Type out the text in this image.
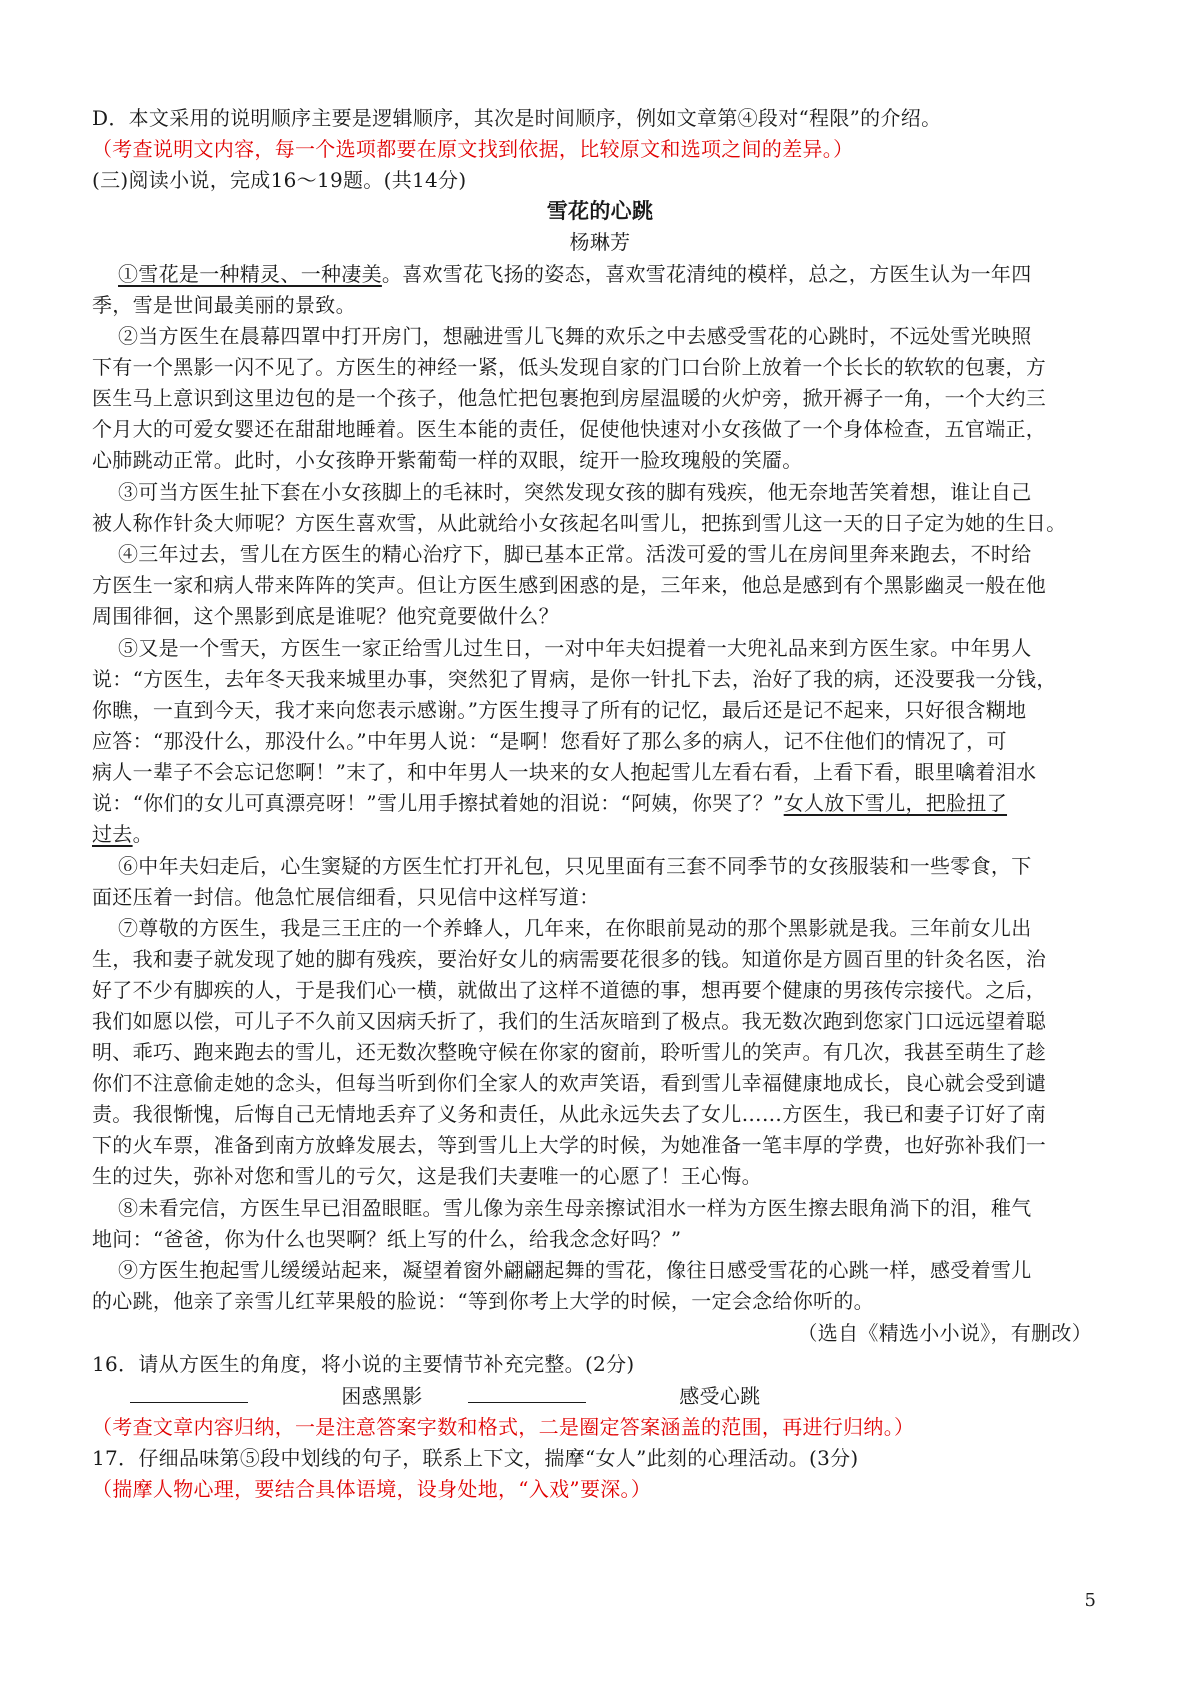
D．本文采用的说明顺序主要是逻辑顺序，其次是时间顺序，例如文章第④段对“程限”的介绍。
（考查说明文内容，每一个选项都要在原文找到依据，比较原文和选项之间的差异。）
(三)阅读小说，完成16～19题。(共14分)
雪花的心跳
杨琳芳
①雪花是一种精灵、一种凄美。喜欢雪花飞扬的姿态，喜欢雪花清纯的模样，总之，方医生认为一年四
季，雪是世间最美丽的景致。
②当方医生在晨幕四罩中打开房门，想融进雪儿飞舞的欢乐之中去感受雪花的心跳时，不远处雪光映照
下有一个黑影一闪不见了。方医生的神经一紧，低头发现自家的门口台阶上放着一个长长的软软的包裹，方
医生马上意识到这里边包的是一个孩子，他急忙把包裹抱到房屋温暖的火炉旁，掀开褥子一角，一个大约三
个月大的可爱女婴还在甜甜地睡着。医生本能的责任，促使他快速对小女孩做了一个身体检查，五官端正，
心肺跳动正常。此时，小女孩睁开紫葡萄一样的双眼，绽开一脸玫瑰般的笑靥。
③可当方医生扯下套在小女孩脚上的毛袜时，突然发现女孩的脚有残疾，他无奈地苦笑着想，谁让自己
被人称作针灸大师呢？方医生喜欢雪，从此就给小女孩起名叫雪儿，把拣到雪儿这一天的日子定为她的生日。
④三年过去，雪儿在方医生的精心治疗下，脚已基本正常。活泼可爱的雪儿在房间里奔来跑去，不时给
方医生一家和病人带来阵阵的笑声。但让方医生感到困惑的是，三年来，他总是感到有个黑影幽灵一般在他
周围徘徊，这个黑影到底是谁呢？他究竟要做什么？
⑤又是一个雪天，方医生一家正给雪儿过生日，一对中年夫妇提着一大兜礼品来到方医生家。中年男人
说：“方医生，去年冬天我来城里办事，突然犯了胃病，是你一针扎下去，治好了我的病，还没要我一分钱，
你瞧，一直到今天，我才来向您表示感谢。”方医生搜寻了所有的记忆，最后还是记不起来，只好很含糊地
应答：“那没什么，那没什么。”中年男人说：“是啊！您看好了那么多的病人，记不住他们的情况了，可
病人一辈子不会忘记您啊！”末了，和中年男人一块来的女人抱起雪儿左看右看，上看下看，眼里噙着泪水
说：“你们的女儿可真漂亮呀！”雪儿用手擦拭着她的泪说：“阿姨，你哭了？”女人放下雪儿，把脸扭了
过去。
⑥中年夫妇走后，心生窦疑的方医生忙打开礼包，只见里面有三套不同季节的女孩服装和一些零食，下
面还压着一封信。他急忙展信细看，只见信中这样写道：
⑦尊敬的方医生，我是三王庄的一个养蜂人，几年来，在你眼前晃动的那个黑影就是我。三年前女儿出
生，我和妻子就发现了她的脚有残疾，要治好女儿的病需要花很多的钱。知道你是方圆百里的针灸名医，治
好了不少有脚疾的人，于是我们心一横，就做出了这样不道德的事，想再要个健康的男孩传宗接代。之后，
我们如愿以偿，可儿子不久前又因病夭折了，我们的生活灰暗到了极点。我无数次跑到您家门口远远望着聪
明、乖巧、跑来跑去的雪儿，还无数次整晚守候在你家的窗前，聆听雪儿的笑声。有几次，我甚至萌生了趁
你们不注意偷走她的念头，但每当听到你们全家人的欢声笑语，看到雪儿幸福健康地成长，良心就会受到谴
责。我很惭愧，后悔自己无情地丢弃了义务和责任，从此永远失去了女儿……方医生，我已和妻子订好了南
下的火车票，准备到南方放蜂发展去，等到雪儿上大学的时候，为她准备一笔丰厚的学费，也好弥补我们一
生的过失，弥补对您和雪儿的亏欠，这是我们夫妻唯一的心愿了！王心悔。
⑧未看完信，方医生早已泪盈眼眶。雪儿像为亲生母亲擦试泪水一样为方医生擦去眼角淌下的泪，稚气
地问：“爸爸，你为什么也哭啊？纸上写的什么，给我念念好吗？”
⑨方医生抱起雪儿缓缓站起来，凝望着窗外翩翩起舞的雪花，像往日感受雪花的心跳一样，感受着雪儿
的心跳，他亲了亲雪儿红苹果般的脸说：“等到你考上大学的时候，一定会念给你听的。
（选自《精选小小说》，有删改）
16．请从方医生的角度，将小说的主要情节补充完整。(2分)
困惑黑影	感受心跳
（考查文章内容归纳，一是注意答案字数和格式，二是圈定答案涵盖的范围，再进行归纳。）
17．仔细品味第⑤段中划线的句子，联系上下文，揣摩“女人”此刻的心理活动。(3分)
（揣摩人物心理，要结合具体语境，设身处地，“入戏”要深。）
5
